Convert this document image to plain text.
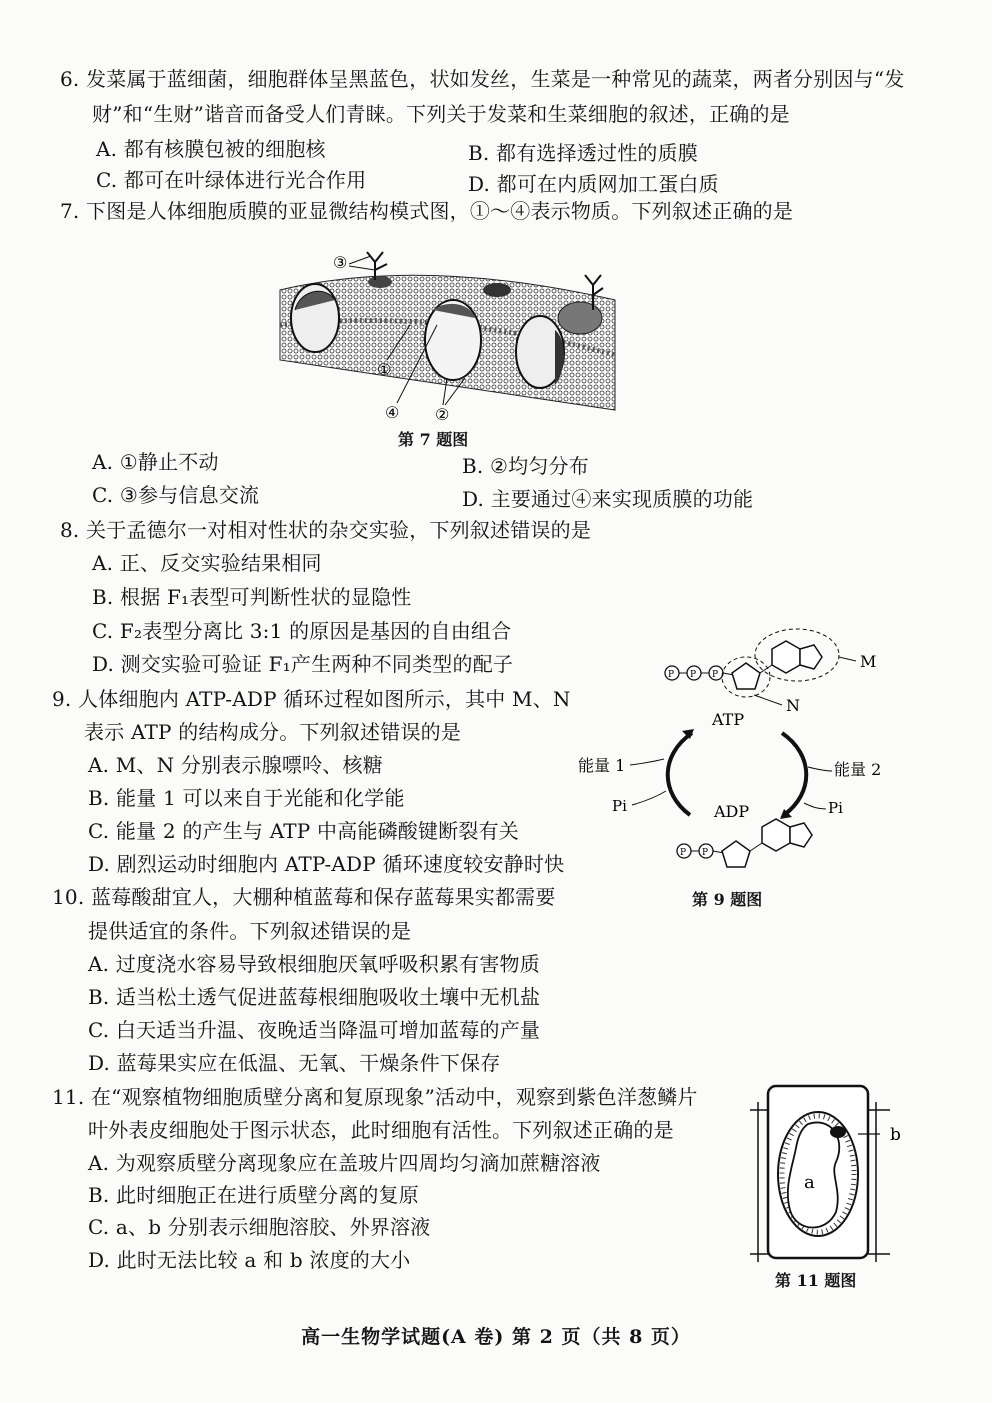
6. 发菜属于蓝细菌，细胞群体呈黑蓝色，状如发丝，生菜是一种常见的蔬菜，两者分别因与“发
财”和“生财”谐音而备受人们青睐。下列关于发菜和生菜细胞的叙述，正确的是
A. 都有核膜包被的细胞核	B. 都有选择透过性的质膜
C. 都可在叶绿体进行光合作用	D. 都可在内质网加工蛋白质
7. 下图是人体细胞质膜的亚显微结构模式图，①～④表示物质。下列叙述正确的是
③
①
④ ②
第 7 题图
A. ①静止不动	B. ②均匀分布
C. ③参与信息交流	D. 主要通过④来实现质膜的功能
8. 关于孟德尔一对相对性状的杂交实验，下列叙述错误的是
A. 正、反交实验结果相同
B. 根据 F₁表型可判断性状的显隐性
C. F₂表型分离比 3:1 的原因是基因的自由组合
D. 测交实验可验证 F₁产生两种不同类型的配子
9. 人体细胞内 ATP-ADP 循环过程如图所示，其中 M、N
表示 ATP 的结构成分。下列叙述错误的是
A. M、N 分别表示腺嘌呤、核糖
B. 能量 1 可以来自于光能和化学能
C. 能量 2 的产生与 ATP 中高能磷酸键断裂有关
D. 剧烈运动时细胞内 ATP-ADP 循环速度较安静时快
P P P
M
N
ATP
能量 1	能量 2
Pi	Pi
ADP
P P
第 9 题图
10. 蓝莓酸甜宜人，大棚种植蓝莓和保存蓝莓果实都需要
提供适宜的条件。下列叙述错误的是
A. 过度浇水容易导致根细胞厌氧呼吸积累有害物质
B. 适当松土透气促进蓝莓根细胞吸收土壤中无机盐
C. 白天适当升温、夜晚适当降温可增加蓝莓的产量
D. 蓝莓果实应在低温、无氧、干燥条件下保存
11. 在“观察植物细胞质壁分离和复原现象”活动中，观察到紫色洋葱鳞片
叶外表皮细胞处于图示状态，此时细胞有活性。下列叙述正确的是
A. 为观察质壁分离现象应在盖玻片四周均匀滴加蔗糖溶液
B. 此时细胞正在进行质壁分离的复原
C. a、b 分别表示细胞溶胶、外界溶液
D. 此时无法比较 a 和 b 浓度的大小
b
a
第 11 题图
高一生物学试题(A 卷) 第 2 页（共 8 页）
